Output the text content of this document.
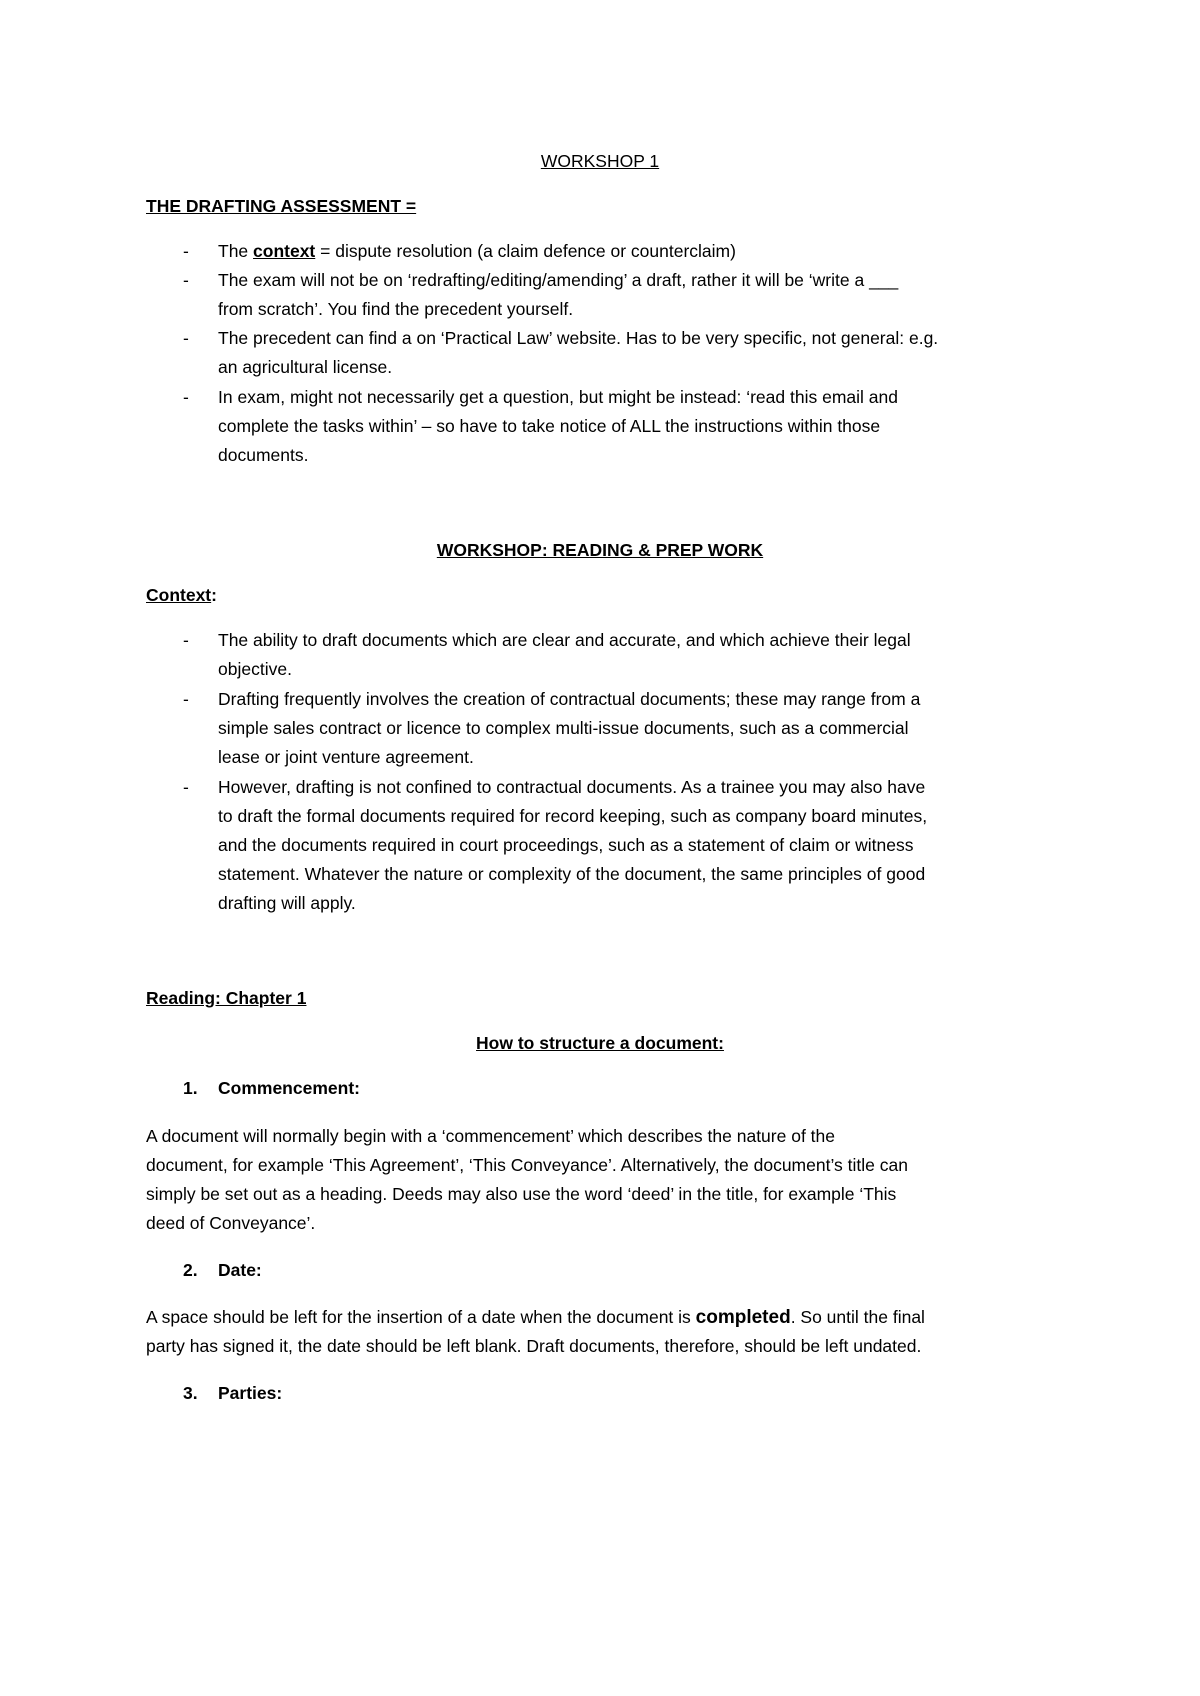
WORKSHOP 1
THE DRAFTING ASSESSMENT =
- The context = dispute resolution (a claim defence or counterclaim)
- The exam will not be on ‘redrafting/editing/amending’ a draft, rather it will be ‘write a ___
from scratch’. You find the precedent yourself.
- The precedent can find a on ‘Practical Law’ website. Has to be very specific, not general: e.g.
an agricultural license.
- In exam, might not necessarily get a question, but might be instead: ‘read this email and
complete the tasks within’ – so have to take notice of ALL the instructions within those
documents.
WORKSHOP: READING & PREP WORK
Context:
- The ability to draft documents which are clear and accurate, and which achieve their legal
objective.
- Drafting frequently involves the creation of contractual documents; these may range from a
simple sales contract or licence to complex multi-issue documents, such as a commercial
lease or joint venture agreement.
- However, drafting is not confined to contractual documents. As a trainee you may also have
to draft the formal documents required for record keeping, such as company board minutes,
and the documents required in court proceedings, such as a statement of claim or witness
statement. Whatever the nature or complexity of the document, the same principles of good
drafting will apply.
Reading: Chapter 1
How to structure a document:
1. Commencement:
A document will normally begin with a ‘commencement’ which describes the nature of the
document, for example ‘This Agreement’, ‘This Conveyance’. Alternatively, the document’s title can
simply be set out as a heading. Deeds may also use the word ‘deed’ in the title, for example ‘This
deed of Conveyance’.
2. Date:
A space should be left for the insertion of a date when the document is completed. So until the final
party has signed it, the date should be left blank. Draft documents, therefore, should be left undated.
3. Parties:
